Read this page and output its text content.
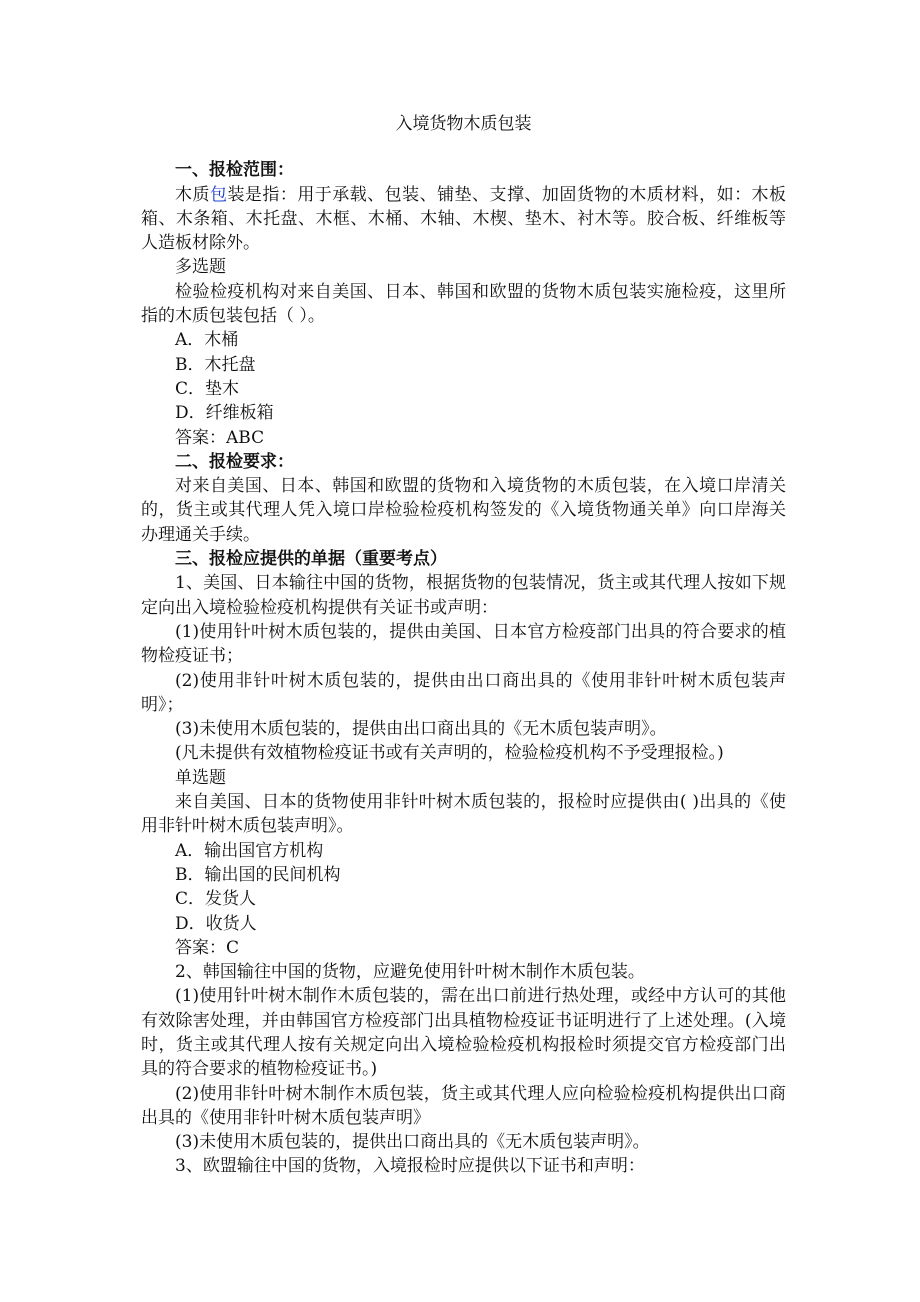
入境货物木质包装

一、报检范围：

木质包装是指：用于承载、包装、铺垫、支撑、加固货物的木质材料，如：木板箱、木条箱、木托盘、木框、木桶、木轴、木楔、垫木、衬木等。胶合板、纤维板等人造板材除外。

多选题

检验检疫机构对来自美国、日本、韩国和欧盟的货物木质包装实施检疫，这里所指的木质包装包括（ ）。

A．木桶

B．木托盘

C．垫木

D．纤维板箱

答案：ABC

二、报检要求：

对来自美国、日本、韩国和欧盟的货物和入境货物的木质包装，在入境口岸清关的，货主或其代理人凭入境口岸检验检疫机构签发的《入境货物通关单》向口岸海关办理通关手续。

三、报检应提供的单据（重要考点）

1、美国、日本输往中国的货物，根据货物的包装情况，货主或其代理人按如下规定向出入境检验检疫机构提供有关证书或声明：

(1)使用针叶树木质包装的，提供由美国、日本官方检疫部门出具的符合要求的植物检疫证书；

(2)使用非针叶树木质包装的，提供由出口商出具的《使用非针叶树木质包装声明》；

(3)未使用木质包装的，提供由出口商出具的《无木质包装声明》。

(凡未提供有效植物检疫证书或有关声明的，检验检疫机构不予受理报检。)

单选题

来自美国、日本的货物使用非针叶树木质包装的，报检时应提供由( )出具的《使用非针叶树木质包装声明》。

A．输出国官方机构

B．输出国的民间机构

C．发货人

D．收货人

答案：C

2、韩国输往中国的货物，应避免使用针叶树木制作木质包装。

(1)使用针叶树木制作木质包装的，需在出口前进行热处理，或经中方认可的其他有效除害处理，并由韩国官方检疫部门出具植物检疫证书证明进行了上述处理。(入境时，货主或其代理人按有关规定向出入境检验检疫机构报检时须提交官方检疫部门出具的符合要求的植物检疫证书。)

(2)使用非针叶树木制作木质包装，货主或其代理人应向检验检疫机构提供出口商出具的《使用非针叶树木质包装声明》

(3)未使用木质包装的，提供出口商出具的《无木质包装声明》。

3、欧盟输往中国的货物，入境报检时应提供以下证书和声明：
